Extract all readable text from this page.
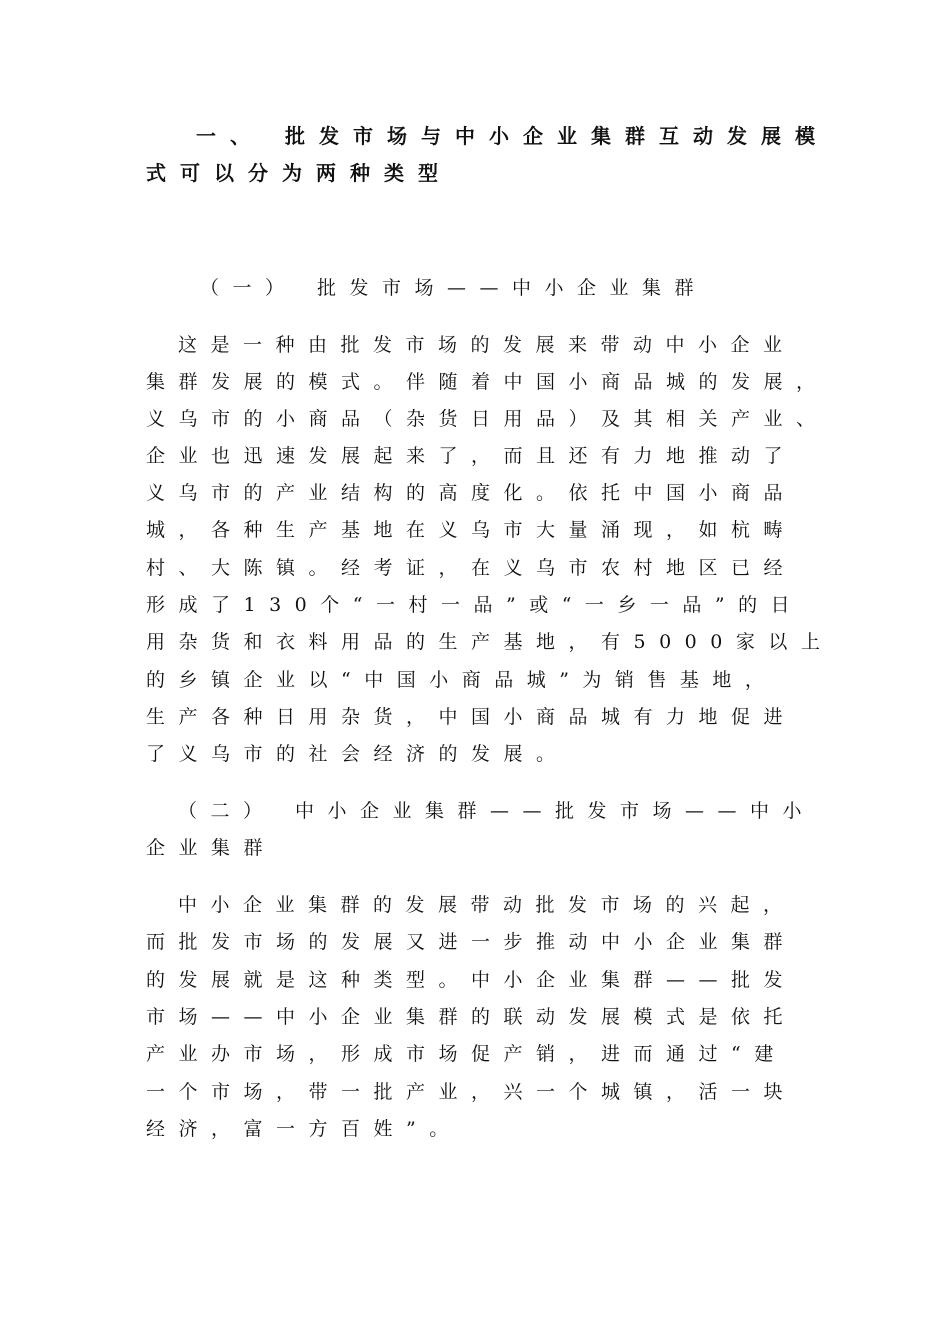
一、 批发市场与中小企业集群互动发展模
式可以分为两种类型
（一） 批发市场——中小企业集群
这是一种由批发市场的发展来带动中小企业
集群发展的模式。伴随着中国小商品城的发展，
义乌市的小商品（杂货日用品）及其相关产业、
企业也迅速发展起来了，而且还有力地推动了
义乌市的产业结构的高度化。依托中国小商品
城，各种生产基地在义乌市大量涌现，如杭畴
村、大陈镇。经考证，在义乌市农村地区已经
形成了130个“一村一品”或“一乡一品”的日
用杂货和衣料用品的生产基地，有5000家以上
的乡镇企业以“中国小商品城”为销售基地，
生产各种日用杂货，中国小商品城有力地促进
了义乌市的社会经济的发展。
（二） 中小企业集群——批发市场——中小
企业集群
中小企业集群的发展带动批发市场的兴起，
而批发市场的发展又进一步推动中小企业集群
的发展就是这种类型。中小企业集群——批发
市场——中小企业集群的联动发展模式是依托
产业办市场，形成市场促产销，进而通过“建
一个市场，带一批产业，兴一个城镇，活一块
经济，富一方百姓”。
